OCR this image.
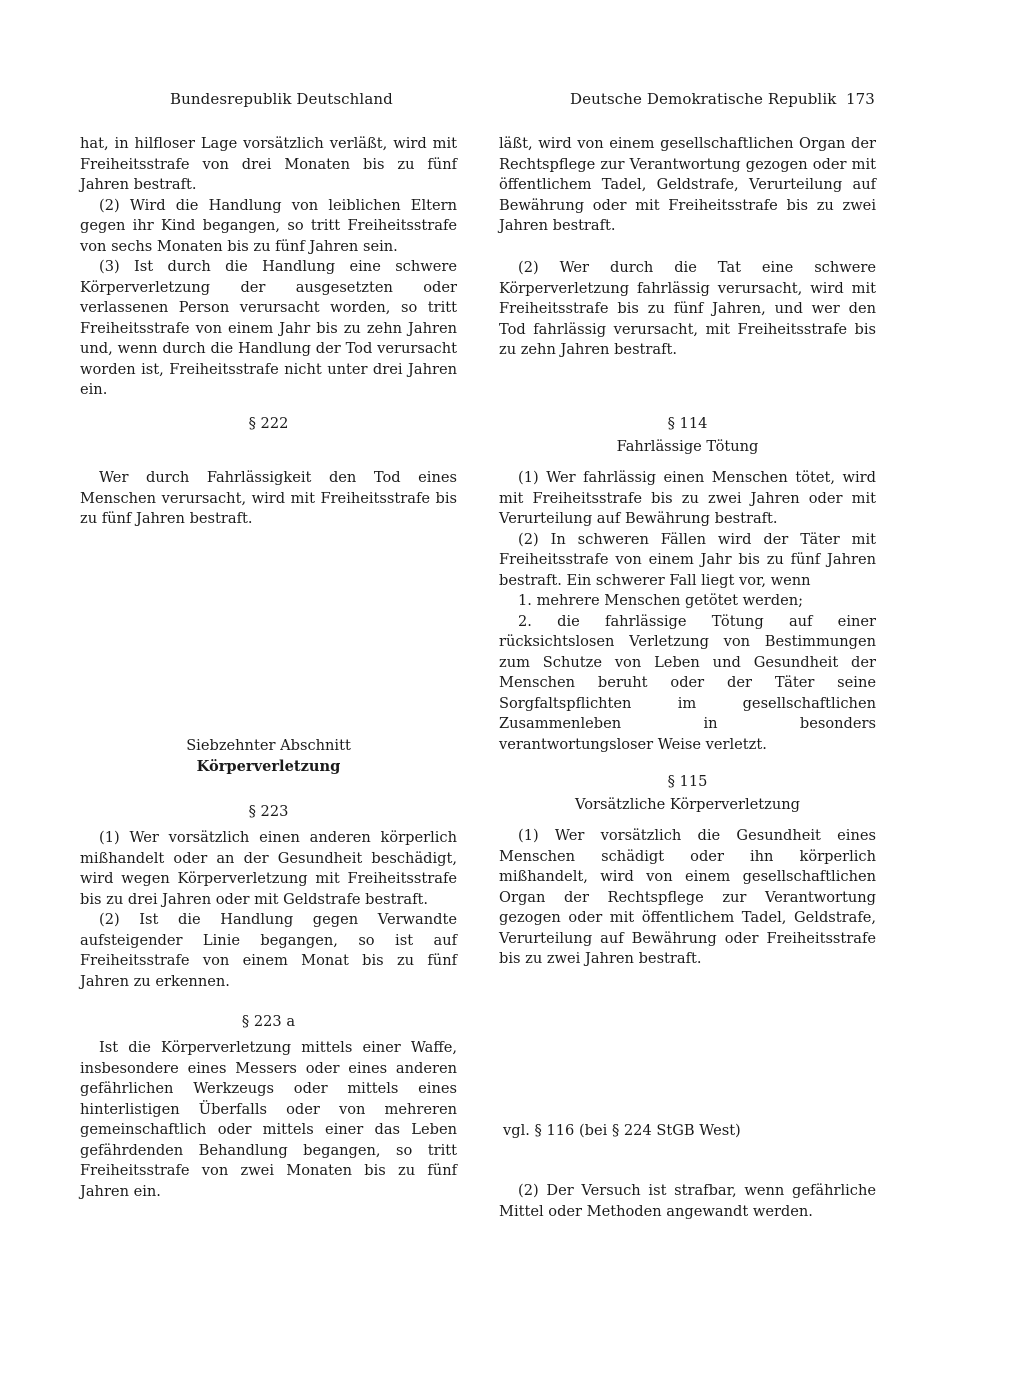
Bundesrepublik Deutschland	Deutsche Demokratische Republik 173

hat, in hilfloser Lage vorsätzlich verläßt, wird mit Freiheitsstrafe von drei Monaten bis zu fünf Jahren bestraft.

(2) Wird die Handlung von leiblichen Eltern gegen ihr Kind begangen, so tritt Freiheitsstrafe von sechs Monaten bis zu fünf Jahren sein.

(3) Ist durch die Handlung eine schwere Körperverletzung der ausgesetzten oder verlassenen Person verursacht worden, so tritt Freiheitsstrafe von einem Jahr bis zu zehn Jahren und, wenn durch die Handlung der Tod verursacht worden ist, Freiheitsstrafe nicht unter drei Jahren ein.

§ 222

Wer durch Fahrlässigkeit den Tod eines Menschen verursacht, wird mit Freiheitsstrafe bis zu fünf Jahren bestraft.

Siebzehnter Abschnitt

Körperverletzung

§ 223

(1) Wer vorsätzlich einen anderen körperlich mißhandelt oder an der Gesundheit beschädigt, wird wegen Körperverletzung mit Freiheitsstrafe bis zu drei Jahren oder mit Geldstrafe bestraft.

(2) Ist die Handlung gegen Verwandte aufsteigender Linie begangen, so ist auf Freiheitsstrafe von einem Monat bis zu fünf Jahren zu erkennen.

§ 223 a

Ist die Körperverletzung mittels einer Waffe, insbesondere eines Messers oder eines anderen gefährlichen Werkzeugs oder mittels eines hinterlistigen Überfalls oder von mehreren gemeinschaftlich oder mittels einer das Leben gefährdenden Behandlung begangen, so tritt Freiheitsstrafe von zwei Monaten bis zu fünf Jahren ein.

läßt, wird von einem gesellschaftlichen Organ der Rechtspflege zur Verantwortung gezogen oder mit öffentlichem Tadel, Geldstrafe, Verurteilung auf Bewährung oder mit Freiheitsstrafe bis zu zwei Jahren bestraft.

(2) Wer durch die Tat eine schwere Körperverletzung fahrlässig verursacht, wird mit Freiheitsstrafe bis zu fünf Jahren, und wer den Tod fahrlässig verursacht, mit Freiheitsstrafe bis zu zehn Jahren bestraft.

§ 114

Fahrlässige Tötung

(1) Wer fahrlässig einen Menschen tötet, wird mit Freiheitsstrafe bis zu zwei Jahren oder mit Verurteilung auf Bewährung bestraft.

(2) In schweren Fällen wird der Täter mit Freiheitsstrafe von einem Jahr bis zu fünf Jahren bestraft. Ein schwerer Fall liegt vor, wenn

1. mehrere Menschen getötet werden;

2. die fahrlässige Tötung auf einer rücksichtslosen Verletzung von Bestimmungen zum Schutze von Leben und Gesundheit der Menschen beruht oder der Täter seine Sorgfaltspflichten im gesellschaftlichen Zusammenleben in besonders verantwortungsloser Weise verletzt.

§ 115

Vorsätzliche Körperverletzung

(1) Wer vorsätzlich die Gesundheit eines Menschen schädigt oder ihn körperlich mißhandelt, wird von einem gesellschaftlichen Organ der Rechtspflege zur Verantwortung gezogen oder mit öffentlichem Tadel, Geldstrafe, Verurteilung auf Bewährung oder Freiheitsstrafe bis zu zwei Jahren bestraft.

vgl. § 116 (bei § 224 StGB West)

(2) Der Versuch ist strafbar, wenn gefährliche Mittel oder Methoden angewandt werden.
